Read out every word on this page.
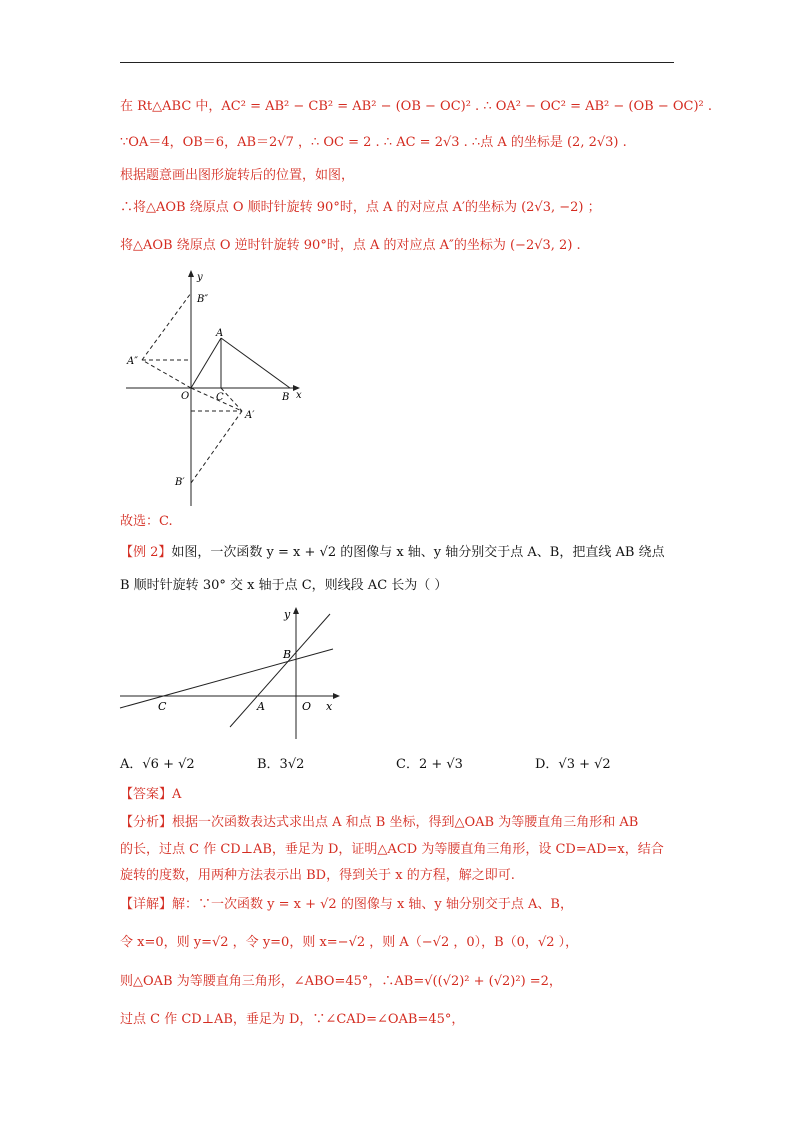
在 Rt△ABC 中，AC² = AB² − CB² = AB² − (OB − OC)² . ∴ OA² − OC² = AB² − (OB − OC)² .
∵OA＝4，OB＝6，AB＝2√7 ，∴ OC = 2 . ∴ AC = 2√3 . ∴点 A 的坐标是 (2, 2√3) .
根据题意画出图形旋转后的位置，如图，
∴将△AOB 绕原点 O 顺时针旋转 90°时，点 A 的对应点 A′的坐标为 (2√3, −2) ；
将△AOB 绕原点 O 逆时针旋转 90°时，点 A 的对应点 A″的坐标为 (−2√3, 2) .
y
x
O
A
B
C
A″
B″
A′
B′
故选：C.
【例 2】如图，一次函数 y = x + √2 的图像与 x 轴、y 轴分别交于点 A、B，把直线 AB 绕点
B 顺时针旋转 30° 交 x 轴于点 C，则线段 AC 长为（ ）
y
x
O
A
B
C
A．√6 + √2	B．3√2	C．2 + √3	D．√3 + √2
【答案】A
【分析】根据一次函数表达式求出点 A 和点 B 坐标，得到△OAB 为等腰直角三角形和 AB
的长，过点 C 作 CD⊥AB，垂足为 D，证明△ACD 为等腰直角三角形，设 CD=AD=x，结合
旋转的度数，用两种方法表示出 BD，得到关于 x 的方程，解之即可.
【详解】解：∵一次函数 y = x + √2 的图像与 x 轴、y 轴分别交于点 A、B，
令 x=0，则 y=√2 ，令 y=0，则 x=−√2 ，则 A（−√2 ，0），B（0，√2 ），
则△OAB 为等腰直角三角形，∠ABO=45°，∴AB=√((√2)² + (√2)²) =2，
过点 C 作 CD⊥AB，垂足为 D，∵∠CAD=∠OAB=45°，
